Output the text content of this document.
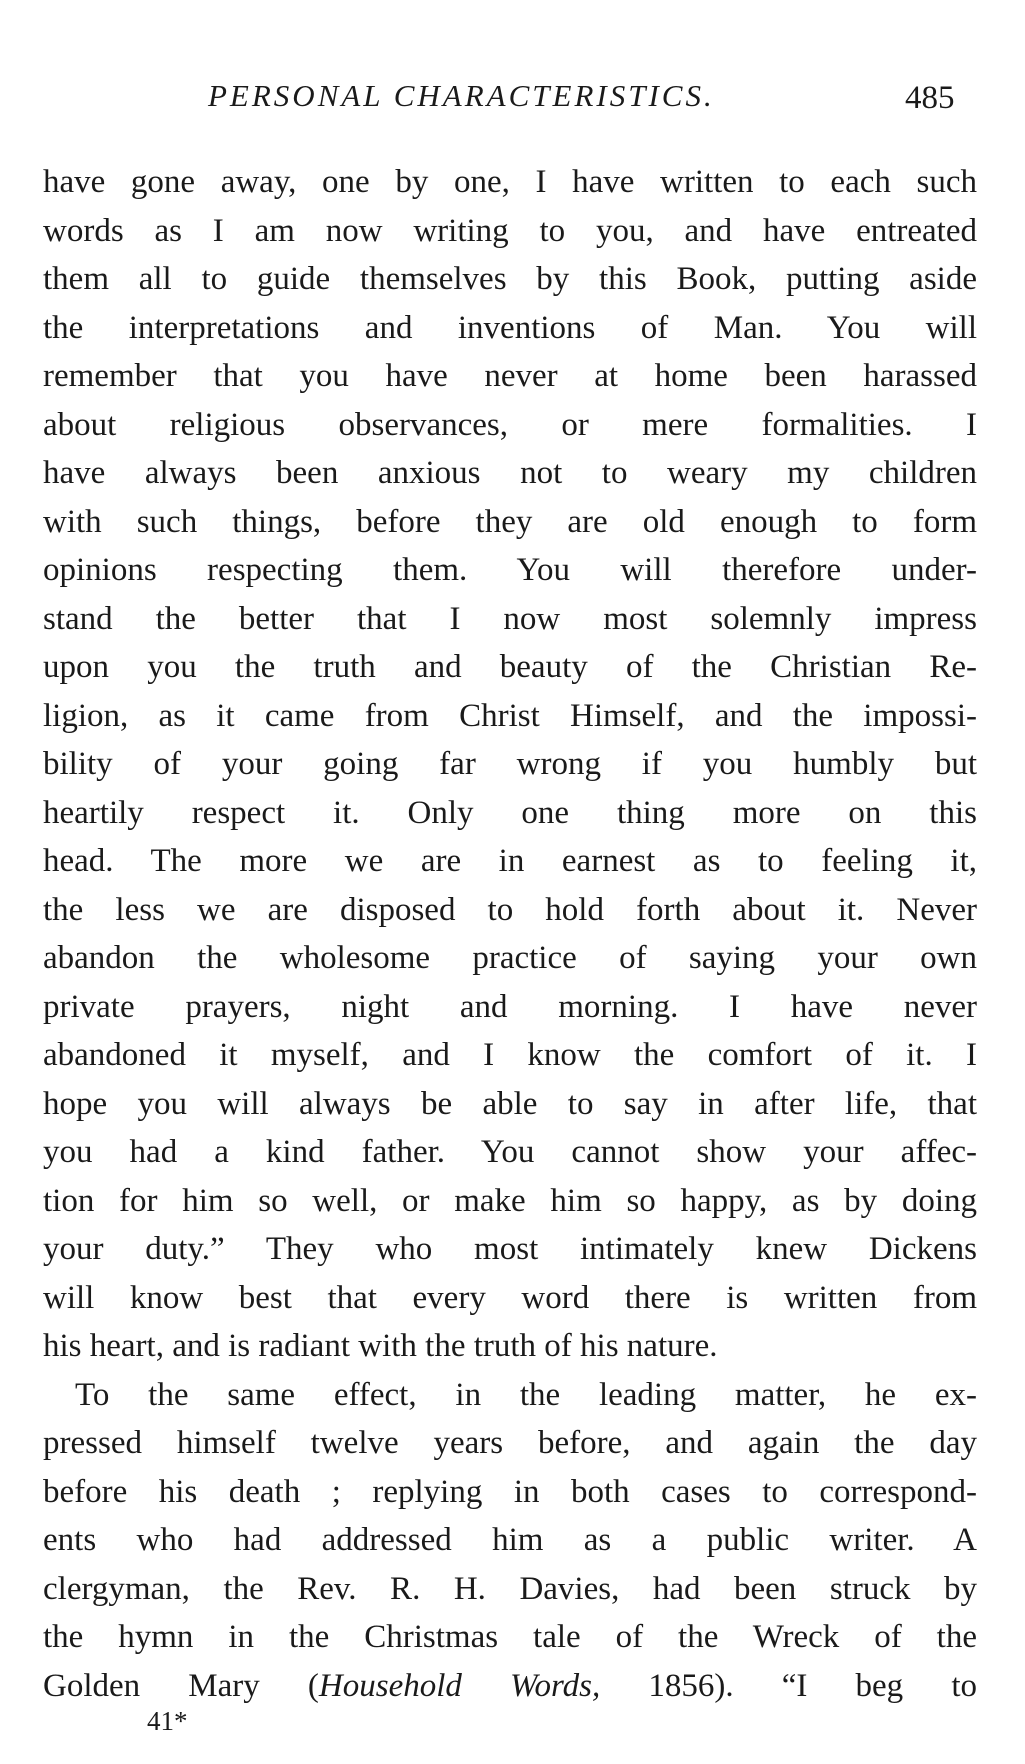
PERSONAL CHARACTERISTICS.	485
have gone away, one by one, I have written to each such
words as I am now writing to you, and have entreated
them all to guide themselves by this Book, putting aside
the interpretations and inventions of Man. You will
remember that you have never at home been harassed
about religious observances, or mere formalities. I
have always been anxious not to weary my children
with such things, before they are old enough to form
opinions respecting them. You will therefore under-
stand the better that I now most solemnly impress
upon you the truth and beauty of the Christian Re-
ligion, as it came from Christ Himself, and the impossi-
bility of your going far wrong if you humbly but
heartily respect it. Only one thing more on this
head. The more we are in earnest as to feeling it,
the less we are disposed to hold forth about it. Never
abandon the wholesome practice of saying your own
private prayers, night and morning. I have never
abandoned it myself, and I know the comfort of it. I
hope you will always be able to say in after life, that
you had a kind father. You cannot show your affec-
tion for him so well, or make him so happy, as by doing
your duty.” They who most intimately knew Dickens
will know best that every word there is written from
his heart, and is radiant with the truth of his nature.
To the same effect, in the leading matter, he ex-
pressed himself twelve years before, and again the day
before his death ; replying in both cases to correspond-
ents who had addressed him as a public writer. A
clergyman, the Rev. R. H. Davies, had been struck by
the hymn in the Christmas tale of the Wreck of the
Golden Mary (Household Words, 1856). “I beg to
41*
